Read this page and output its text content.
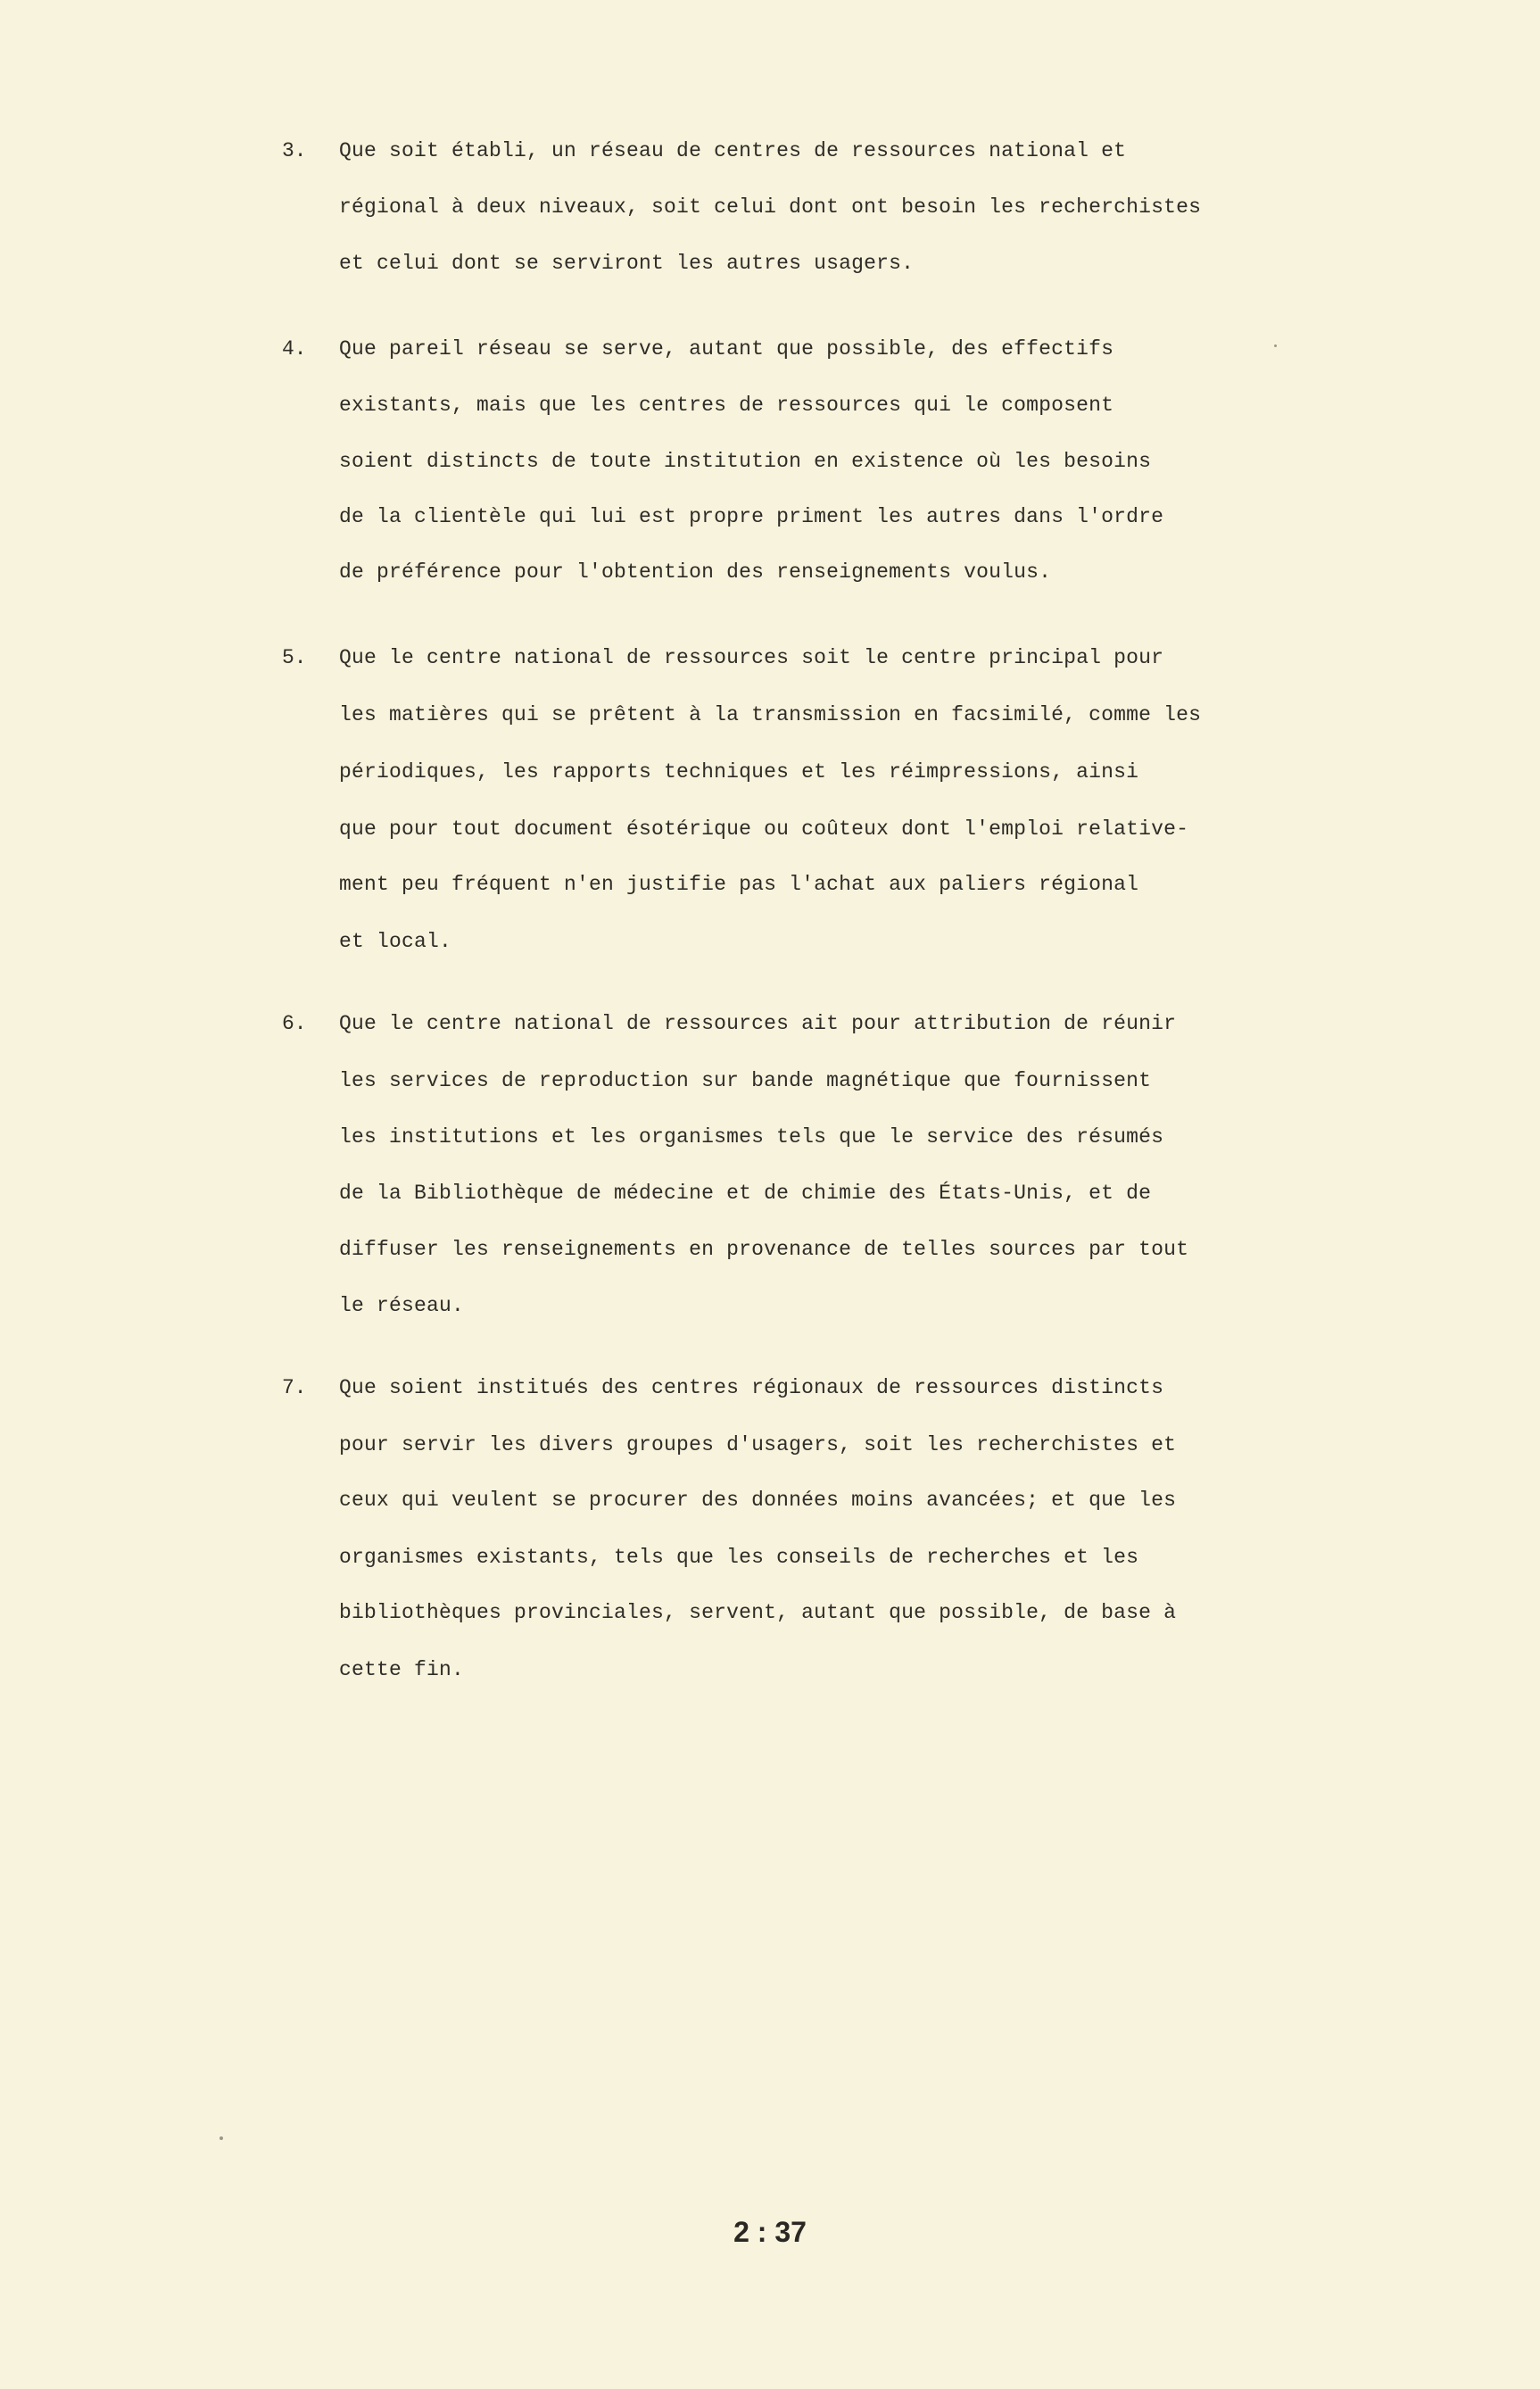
3. Que soit établi, un réseau de centres de ressources national et
régional à deux niveaux, soit celui dont ont besoin les recherchistes
et celui dont se serviront les autres usagers.
4. Que pareil réseau se serve, autant que possible, des effectifs
existants, mais que les centres de ressources qui le composent
soient distincts de toute institution en existence où les besoins
de la clientèle qui lui est propre priment les autres dans l'ordre
de préférence pour l'obtention des renseignements voulus.
5. Que le centre national de ressources soit le centre principal pour
les matières qui se prêtent à la transmission en facsimilé, comme les
périodiques, les rapports techniques et les réimpressions, ainsi
que pour tout document ésotérique ou coûteux dont l'emploi relative-
ment peu fréquent n'en justifie pas l'achat aux paliers régional
et local.
6. Que le centre national de ressources ait pour attribution de réunir
les services de reproduction sur bande magnétique que fournissent
les institutions et les organismes tels que le service des résumés
de la Bibliothèque de médecine et de chimie des États-Unis, et de
diffuser les renseignements en provenance de telles sources par tout
le réseau.
7. Que soient institués des centres régionaux de ressources distincts
pour servir les divers groupes d'usagers, soit les recherchistes et
ceux qui veulent se procurer des données moins avancées; et que les
organismes existants, tels que les conseils de recherches et les
bibliothèques provinciales, servent, autant que possible, de base à
cette fin.
2 : 37
